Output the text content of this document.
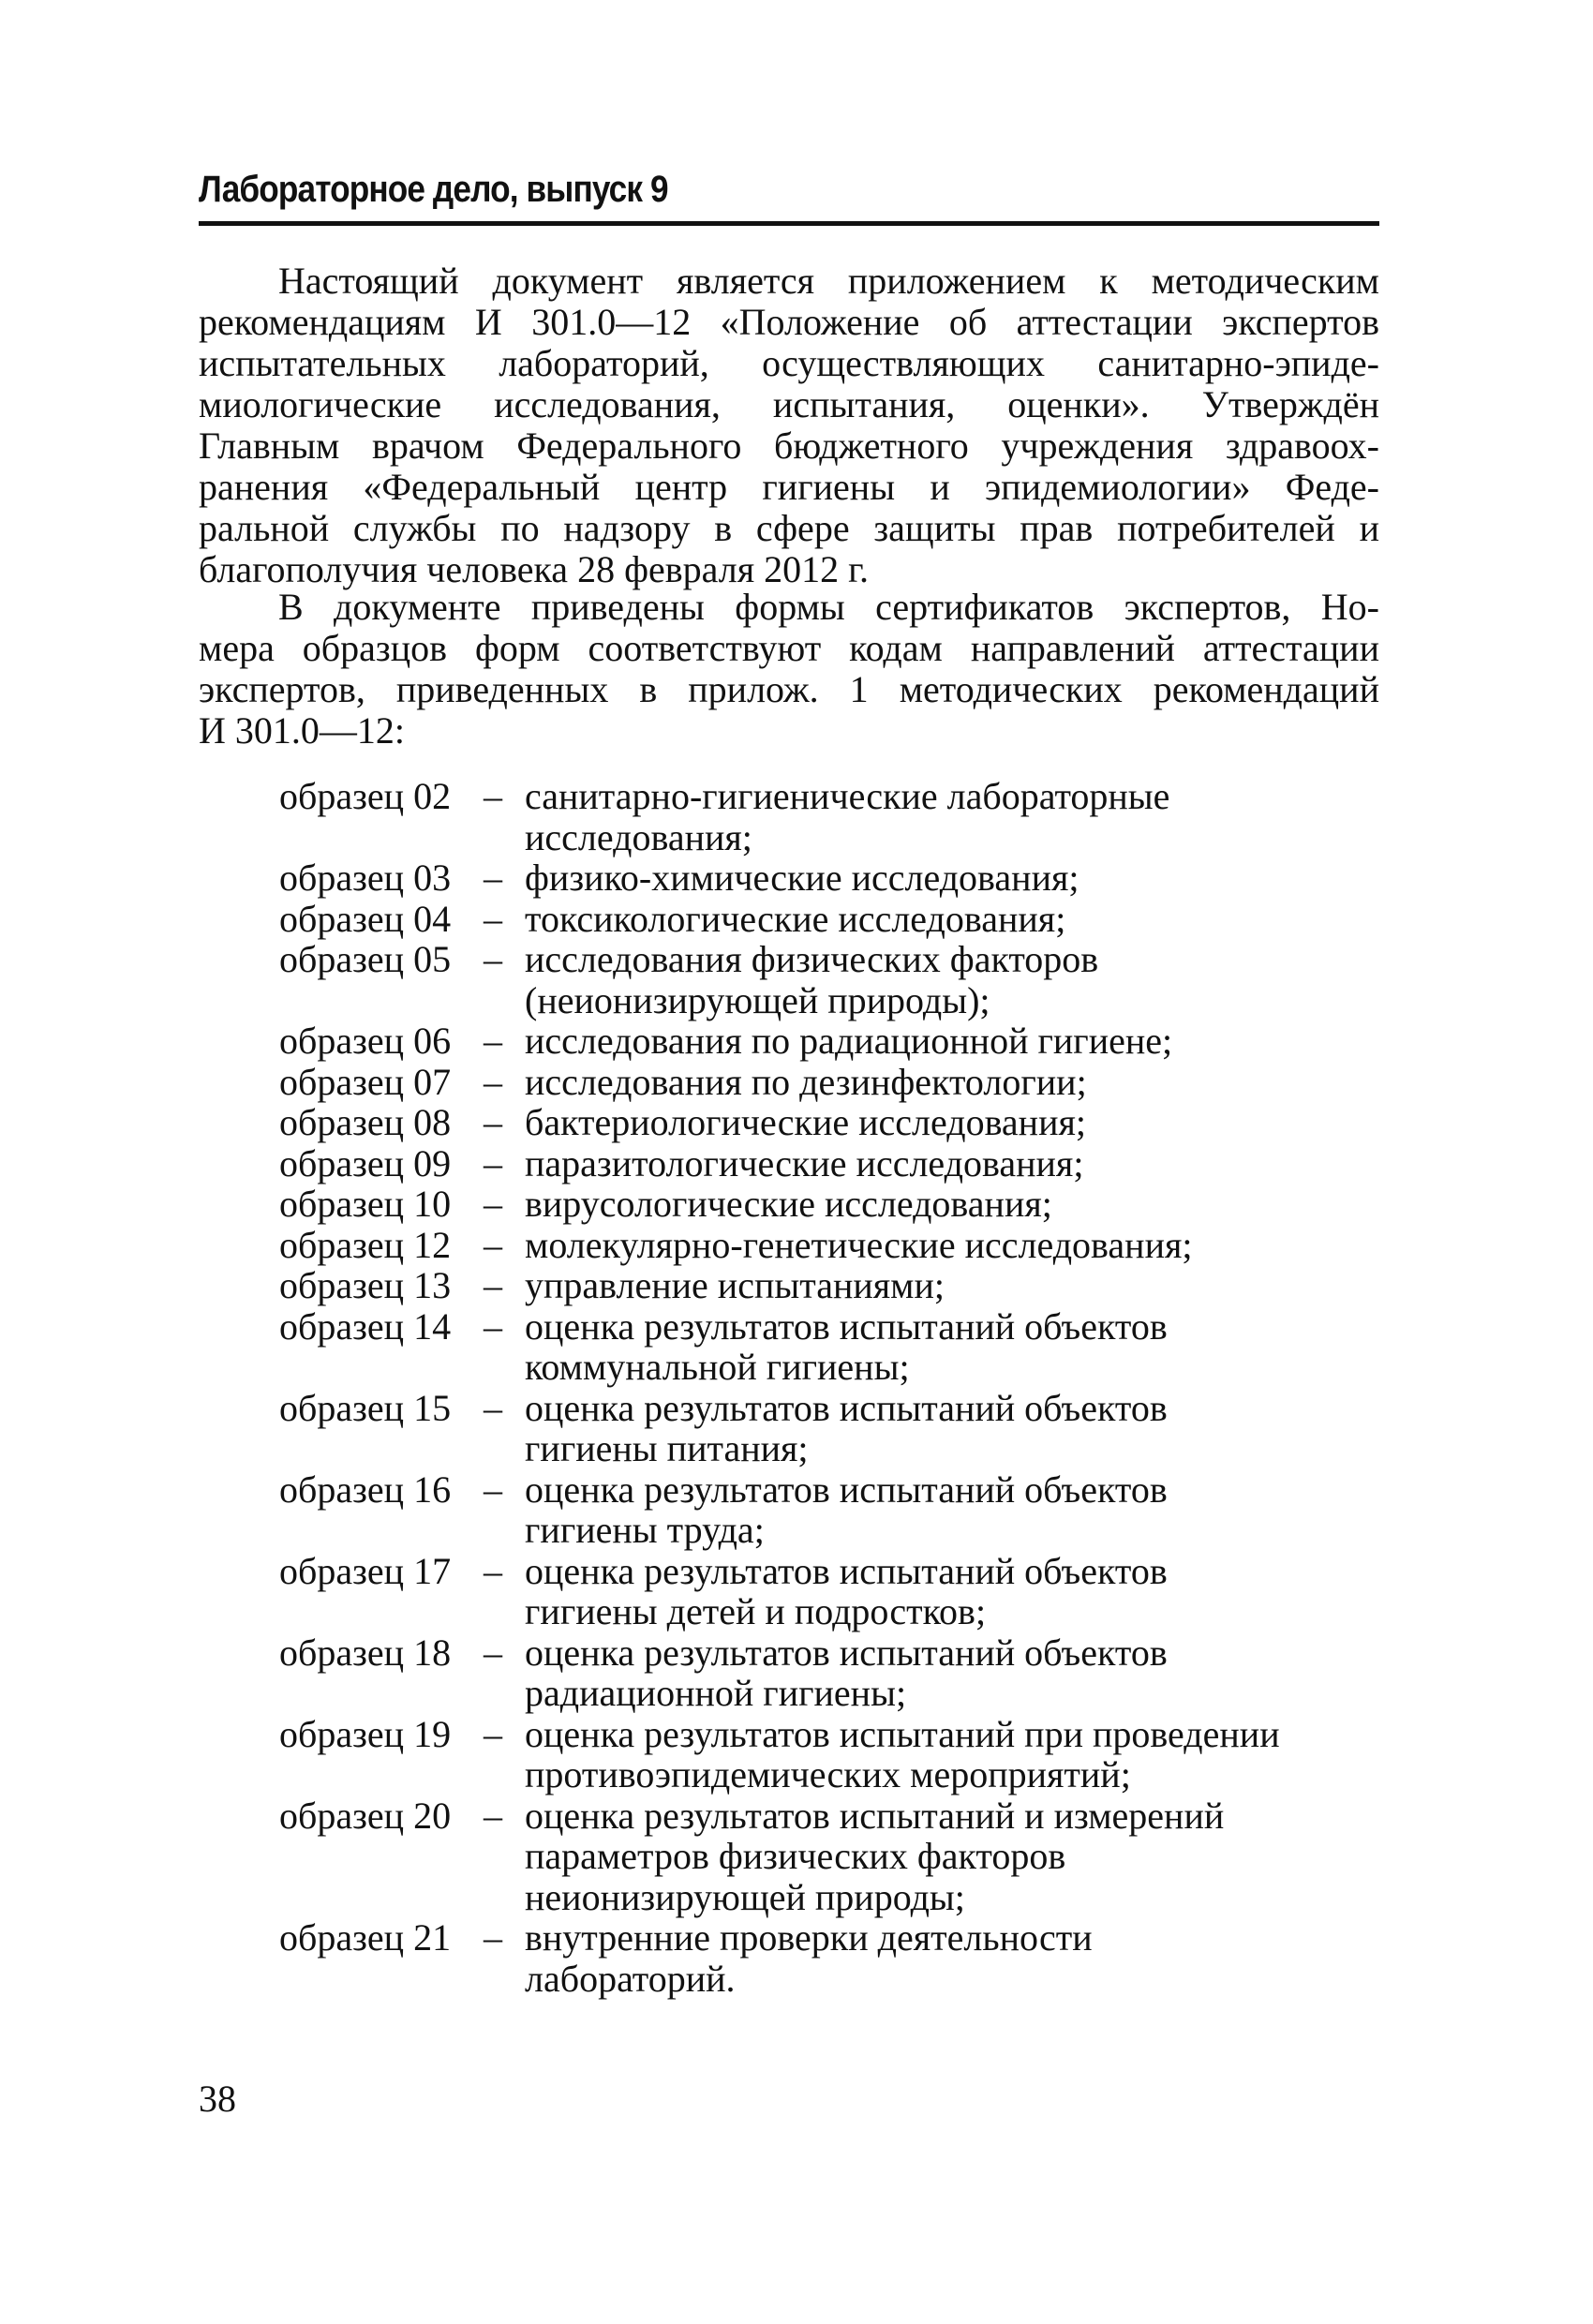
Лабораторное дело, выпуск 9
Настоящий документ является приложением к методическим
рекомендациям И 301.0—12 «Положение об аттестации экспертов
испытательных лабораторий, осуществляющих санитарно-эпиде-
миологические исследования, испытания, оценки». Утверждён
Главным врачом Федерального бюджетного учреждения здравоох-
ранения «Федеральный центр гигиены и эпидемиологии» Феде-
ральной службы по надзору в сфере защиты прав потребителей и
благополучия человека 28 февраля 2012 г.
В документе приведены формы сертификатов экспертов, Но-
мера образцов форм соответствуют кодам направлений аттестации
экспертов, приведенных в прилож. 1 методических рекомендаций
И 301.0—12:
образец 02 – санитарно-гигиенические лабораторные
исследования;
образец 03 – физико-химические исследования;
образец 04 – токсикологические исследования;
образец 05 – исследования физических факторов
(неионизирующей природы);
образец 06 – исследования по радиационной гигиене;
образец 07 – исследования по дезинфектологии;
образец 08 – бактериологические исследования;
образец 09 – паразитологические исследования;
образец 10 – вирусологические исследования;
образец 12 – молекулярно-генетические исследования;
образец 13 – управление испытаниями;
образец 14 – оценка результатов испытаний объектов
коммунальной гигиены;
образец 15 – оценка результатов испытаний объектов
гигиены питания;
образец 16 – оценка результатов испытаний объектов
гигиены труда;
образец 17 – оценка результатов испытаний объектов
гигиены детей и подростков;
образец 18 – оценка результатов испытаний объектов
радиационной гигиены;
образец 19 – оценка результатов испытаний при проведении
противоэпидемических мероприятий;
образец 20 – оценка результатов испытаний и измерений
параметров физических факторов
неионизирующей природы;
образец 21 – внутренние проверки деятельности
лабораторий.
38
